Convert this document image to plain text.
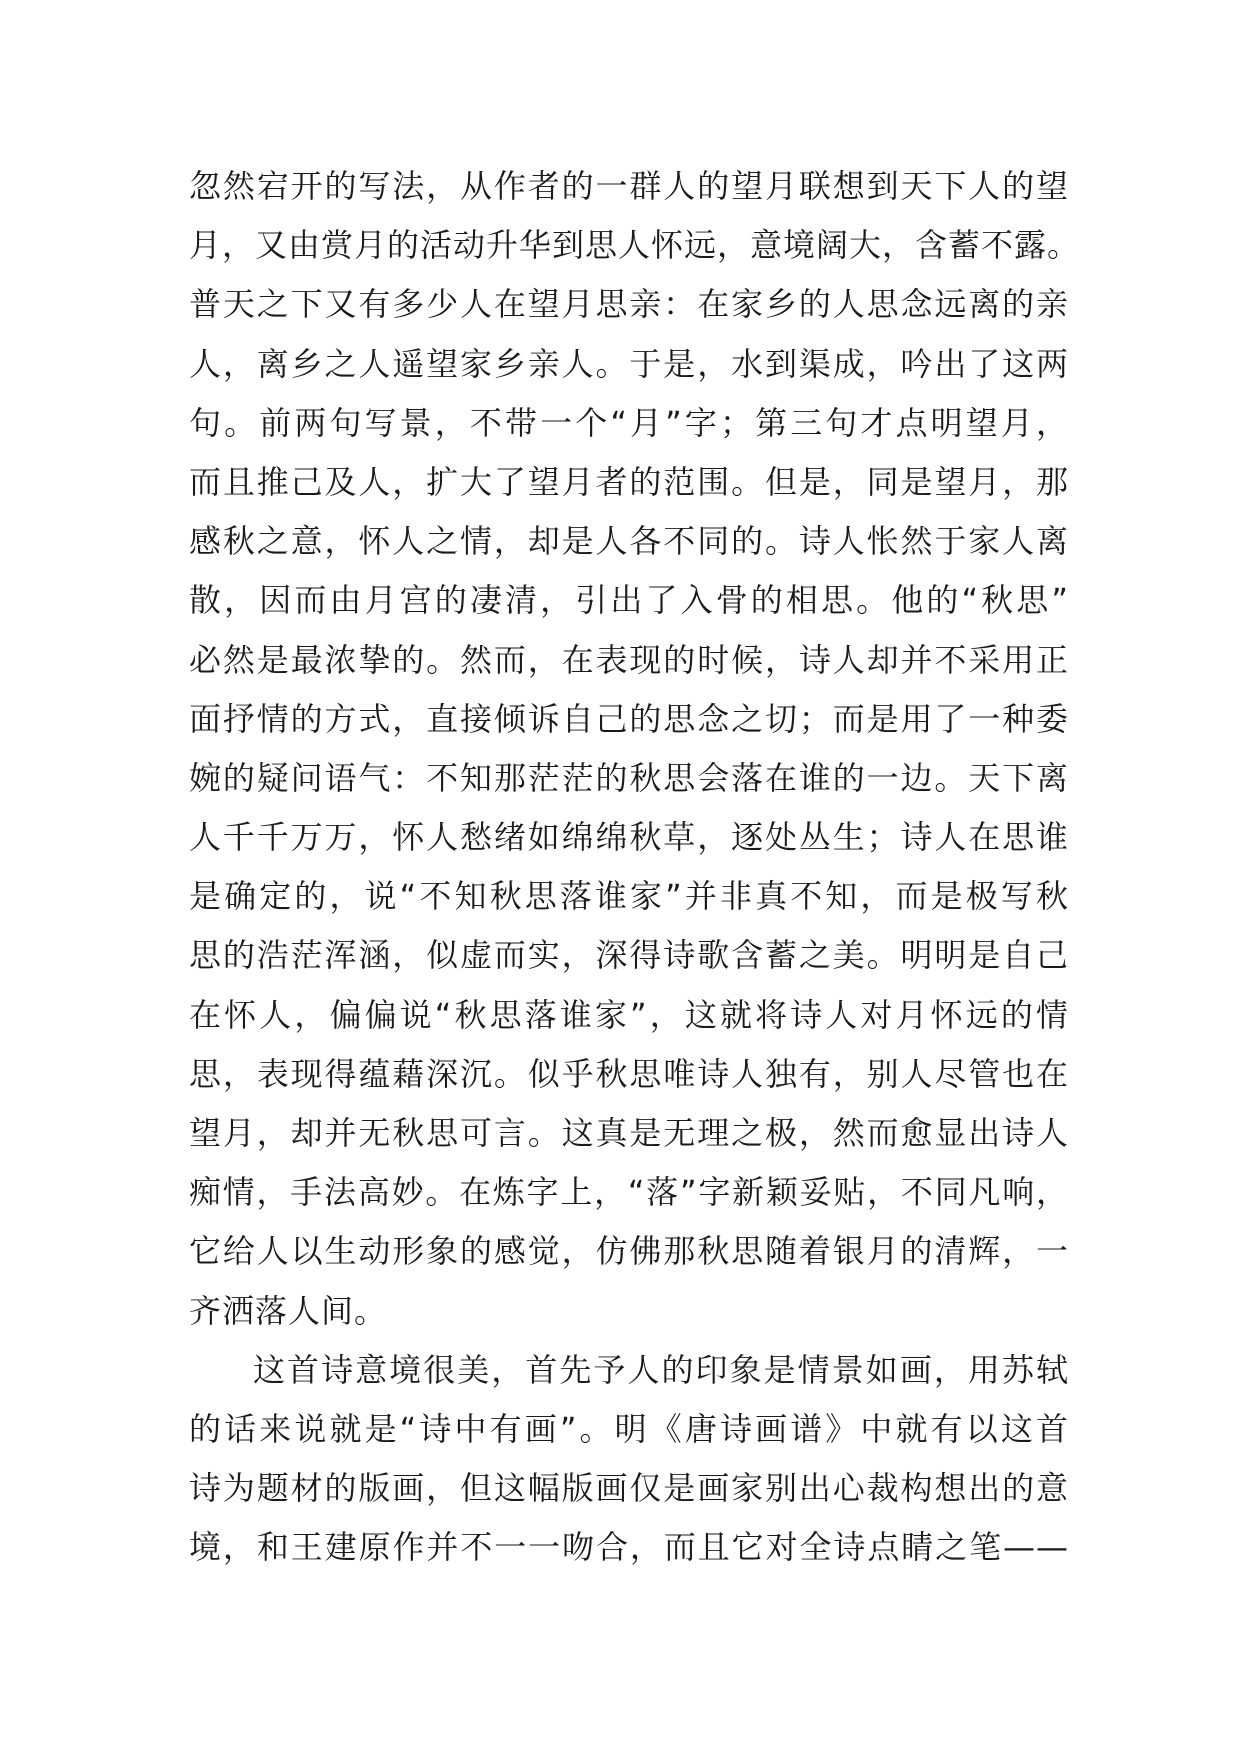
忽然宕开的写法，从作者的一群人的望月联想到天下人的望
月，又由赏月的活动升华到思人怀远，意境阔大，含蓄不露。
普天之下又有多少人在望月思亲：在家乡的人思念远离的亲
人，离乡之人遥望家乡亲人。于是，水到渠成，吟出了这两
句。前两句写景，不带一个“月”字；第三句才点明望月，
而且推己及人，扩大了望月者的范围。但是，同是望月，那
感秋之意，怀人之情，却是人各不同的。诗人怅然于家人离
散，因而由月宫的凄清，引出了入骨的相思。他的“秋思”
必然是最浓挚的。然而，在表现的时候，诗人却并不采用正
面抒情的方式，直接倾诉自己的思念之切；而是用了一种委
婉的疑问语气：不知那茫茫的秋思会落在谁的一边。天下离
人千千万万，怀人愁绪如绵绵秋草，逐处丛生；诗人在思谁
是确定的，说“不知秋思落谁家”并非真不知，而是极写秋
思的浩茫浑涵，似虚而实，深得诗歌含蓄之美。明明是自己
在怀人，偏偏说“秋思落谁家”，这就将诗人对月怀远的情
思，表现得蕴藉深沉。似乎秋思唯诗人独有，别人尽管也在
望月，却并无秋思可言。这真是无理之极，然而愈显出诗人
痴情，手法高妙。在炼字上，“落”字新颖妥贴，不同凡响，
它给人以生动形象的感觉，仿佛那秋思随着银月的清辉，一
齐洒落人间。
这首诗意境很美，首先予人的印象是情景如画，用苏轼
的话来说就是“诗中有画”。明《唐诗画谱》中就有以这首
诗为题材的版画，但这幅版画仅是画家别出心裁构想出的意
境，和王建原作并不一一吻合，而且它对全诗点睛之笔——
